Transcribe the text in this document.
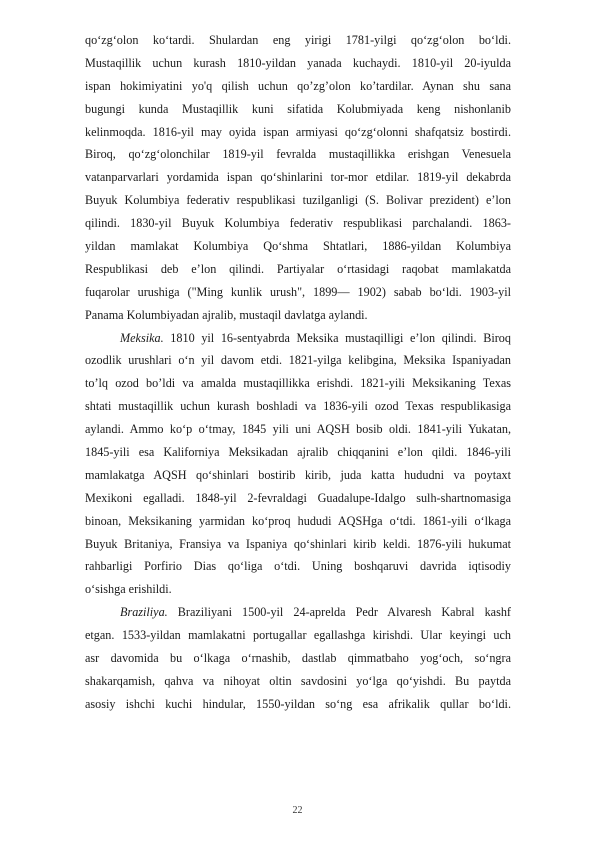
qo‘zg‘olon ko‘tardi. Shulardan eng yirigi 1781-yilgi qo‘zg‘olon bo‘ldi.
Mustaqillik uchun kurash 1810-yildan yanada kuchaydi. 1810-yil 20-iyulda
ispan hokimiyatini yo'q qilish uchun qo’zg’olon ko’tardilar. Aynan shu sana
bugungi kunda Mustaqillik kuni sifatida Kolubmiyada keng nishonlanib
kelinmoqda. 1816-yil may oyida ispan armiyasi qo‘zg‘olonni shafqatsiz bostirdi.
Biroq, qo‘zg‘olonchilar 1819-yil fevralda mustaqillikka erishgan Venesuela
vatanparvarlari yordamida ispan qo‘shinlarini tor-mor etdilar. 1819-yil dekabrda
Buyuk Kolumbiya federativ respublikasi tuzilganligi (S. Bolivar prezident) e’lon
qilindi. 1830-yil Buyuk Kolumbiya federativ respublikasi parchalandi. 1863-
yildan mamlakat Kolumbiya Qo‘shma Shtatlari, 1886-yildan Kolumbiya
Respublikasi deb e’lon qilindi. Partiyalar o‘rtasidagi raqobat mamlakatda
fuqarolar urushiga ("Ming kunlik urush", 1899— 1902) sabab bo‘ldi. 1903-yil
Panama Kolumbiyadan ajralib, mustaqil davlatga aylandi.
Meksika. 1810 yil 16-sentyabrda Meksika mustaqilligi e’lon qilindi. Biroq
ozodlik urushlari o‘n yil davom etdi. 1821-yilga kelibgina, Meksika Ispaniyadan
to’lq ozod bo’ldi va amalda mustaqillikka erishdi. 1821-yili Meksikaning Texas
shtati mustaqillik uchun kurash boshladi va 1836-yili ozod Texas respublikasiga
aylandi. Ammo ko‘p o‘tmay, 1845 yili uni AQSH bosib oldi. 1841-yili Yukatan,
1845-yili esa Kaliforniya Meksikadan ajralib chiqqanini e’lon qildi. 1846-yili
mamlakatga AQSH qo‘shinlari bostirib kirib, juda katta hududni va poytaxt
Mexikoni egalladi. 1848-yil 2-fevraldagi Guadalupe-Idalgo sulh-shartnomasiga
binoan, Meksikaning yarmidan ko‘proq hududi AQSHga o‘tdi. 1861-yili o‘lkaga
Buyuk Britaniya, Fransiya va Ispaniya qo‘shinlari kirib keldi. 1876-yili hukumat
rahbarligi Porfirio Dias qo‘liga o‘tdi. Uning boshqaruvi davrida iqtisodiy
o‘sishga erishildi.
Braziliya. Braziliyani 1500-yil 24-aprelda Pedr Alvaresh Kabral kashf
etgan. 1533-yildan mamlakatni portugallar egallashga kirishdi. Ular keyingi uch
asr davomida bu o‘lkaga o‘rnashib, dastlab qimmatbaho yog‘och, so‘ngra
shakarqamish, qahva va nihoyat oltin savdosini yo‘lga qo‘yishdi. Bu paytda
asosiy ishchi kuchi hindular, 1550-yildan so‘ng esa afrikalik qullar bo‘ldi.
22
